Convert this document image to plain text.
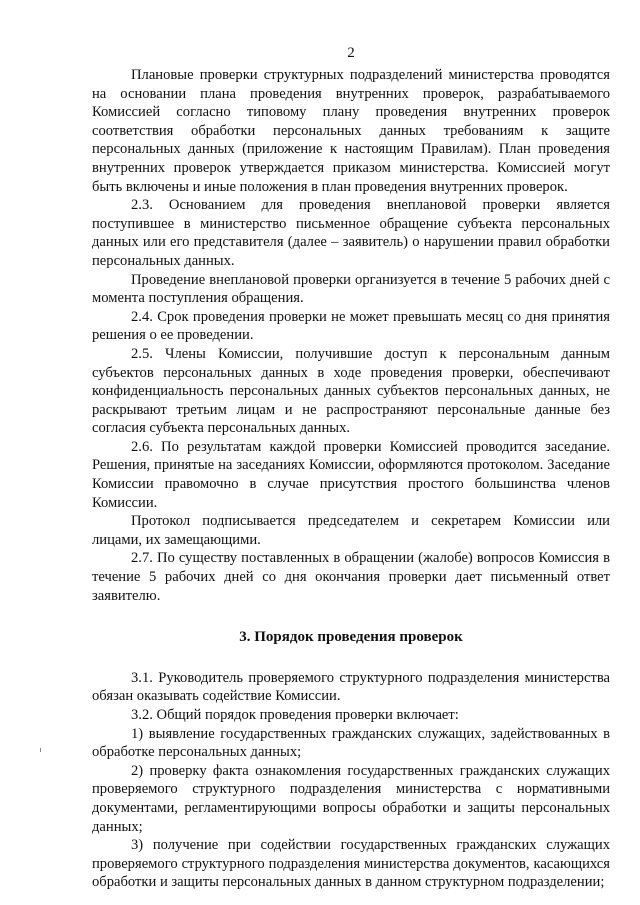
2

Плановые проверки структурных подразделений министерства проводятся на основании плана проведения внутренних проверок, разрабатываемого Комиссией согласно типовому плану проведения внутренних проверок соответствия обработки персональных данных требованиям к защите персональных данных (приложение к настоящим Правилам). План проведения внутренних проверок утверждается приказом министерства. Комиссией могут быть включены и иные положения в план проведения внутренних проверок.

2.3. Основанием для проведения внеплановой проверки является поступившее в министерство письменное обращение субъекта персональных данных или его представителя (далее – заявитель) о нарушении правил обработки персональных данных.

Проведение внеплановой проверки организуется в течение 5 рабочих дней с момента поступления обращения.

2.4. Срок проведения проверки не может превышать месяц со дня принятия решения о ее проведении.

2.5. Члены Комиссии, получившие доступ к персональным данным субъектов персональных данных в ходе проведения проверки, обеспечивают конфиденциальность персональных данных субъектов персональных данных, не раскрывают третьим лицам и не распространяют персональные данные без согласия субъекта персональных данных.

2.6. По результатам каждой проверки Комиссией проводится заседание. Решения, принятые на заседаниях Комиссии, оформляются протоколом. Заседание Комиссии правомочно в случае присутствия простого большинства членов Комиссии.

Протокол подписывается председателем и секретарем Комиссии или лицами, их замещающими.

2.7. По существу поставленных в обращении (жалобе) вопросов Комиссия в течение 5 рабочих дней со дня окончания проверки дает письменный ответ заявителю.

3. Порядок проведения проверок

3.1. Руководитель проверяемого структурного подразделения министерства обязан оказывать содействие Комиссии.

3.2. Общий порядок проведения проверки включает:

1) выявление государственных гражданских служащих, задействованных в обработке персональных данных;

2) проверку факта ознакомления государственных гражданских служащих проверяемого структурного подразделения министерства с нормативными документами, регламентирующими вопросы обработки и защиты персональных данных;

3) получение при содействии государственных гражданских служащих проверяемого структурного подразделения министерства документов, касающихся обработки и защиты персональных данных в данном структурном подразделении;
